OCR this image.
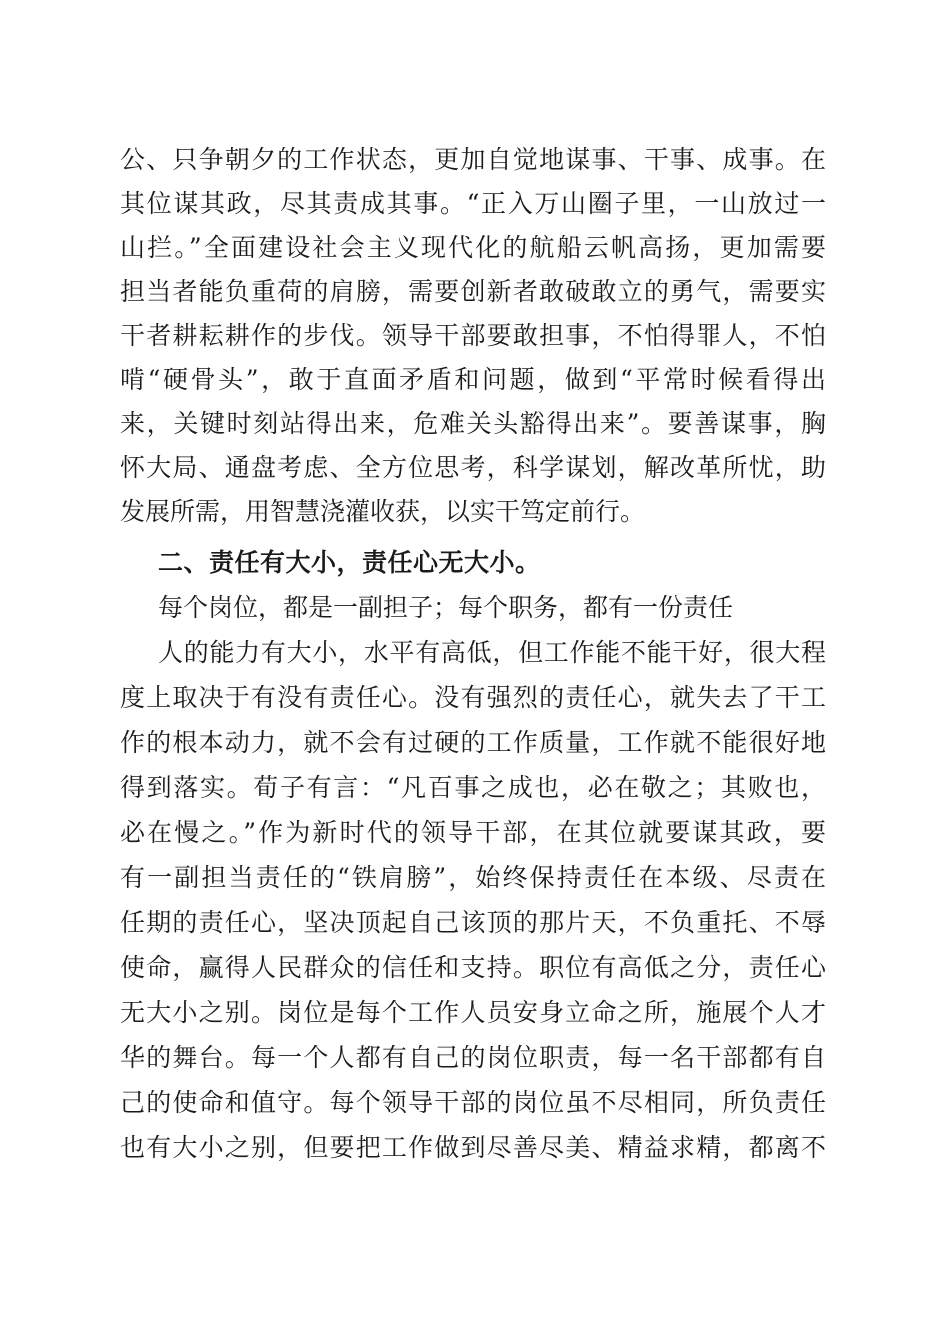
公、只争朝夕的工作状态，更加自觉地谋事、干事、成事。在
其位谋其政，尽其责成其事。“正入万山圈子里，一山放过一
山拦。”全面建设社会主义现代化的航船云帆高扬，更加需要
担当者能负重荷的肩膀，需要创新者敢破敢立的勇气，需要实
干者耕耘耕作的步伐。领导干部要敢担事，不怕得罪人，不怕
啃“硬骨头”，敢于直面矛盾和问题，做到“平常时候看得出
来，关键时刻站得出来，危难关头豁得出来”。要善谋事，胸
怀大局、通盘考虑、全方位思考，科学谋划，解改革所忧，助
发展所需，用智慧浇灌收获，以实干笃定前行。
二、责任有大小，责任心无大小。
每个岗位，都是一副担子；每个职务，都有一份责任
人的能力有大小，水平有高低，但工作能不能干好，很大程
度上取决于有没有责任心。没有强烈的责任心，就失去了干工
作的根本动力，就不会有过硬的工作质量，工作就不能很好地
得到落实。荀子有言：“凡百事之成也，必在敬之；其败也，
必在慢之。”作为新时代的领导干部，在其位就要谋其政，要
有一副担当责任的“铁肩膀”，始终保持责任在本级、尽责在
任期的责任心，坚决顶起自己该顶的那片天，不负重托、不辱
使命，赢得人民群众的信任和支持。职位有高低之分，责任心
无大小之别。岗位是每个工作人员安身立命之所，施展个人才
华的舞台。每一个人都有自己的岗位职责，每一名干部都有自
己的使命和值守。每个领导干部的岗位虽不尽相同，所负责任
也有大小之别，但要把工作做到尽善尽美、精益求精，都离不
